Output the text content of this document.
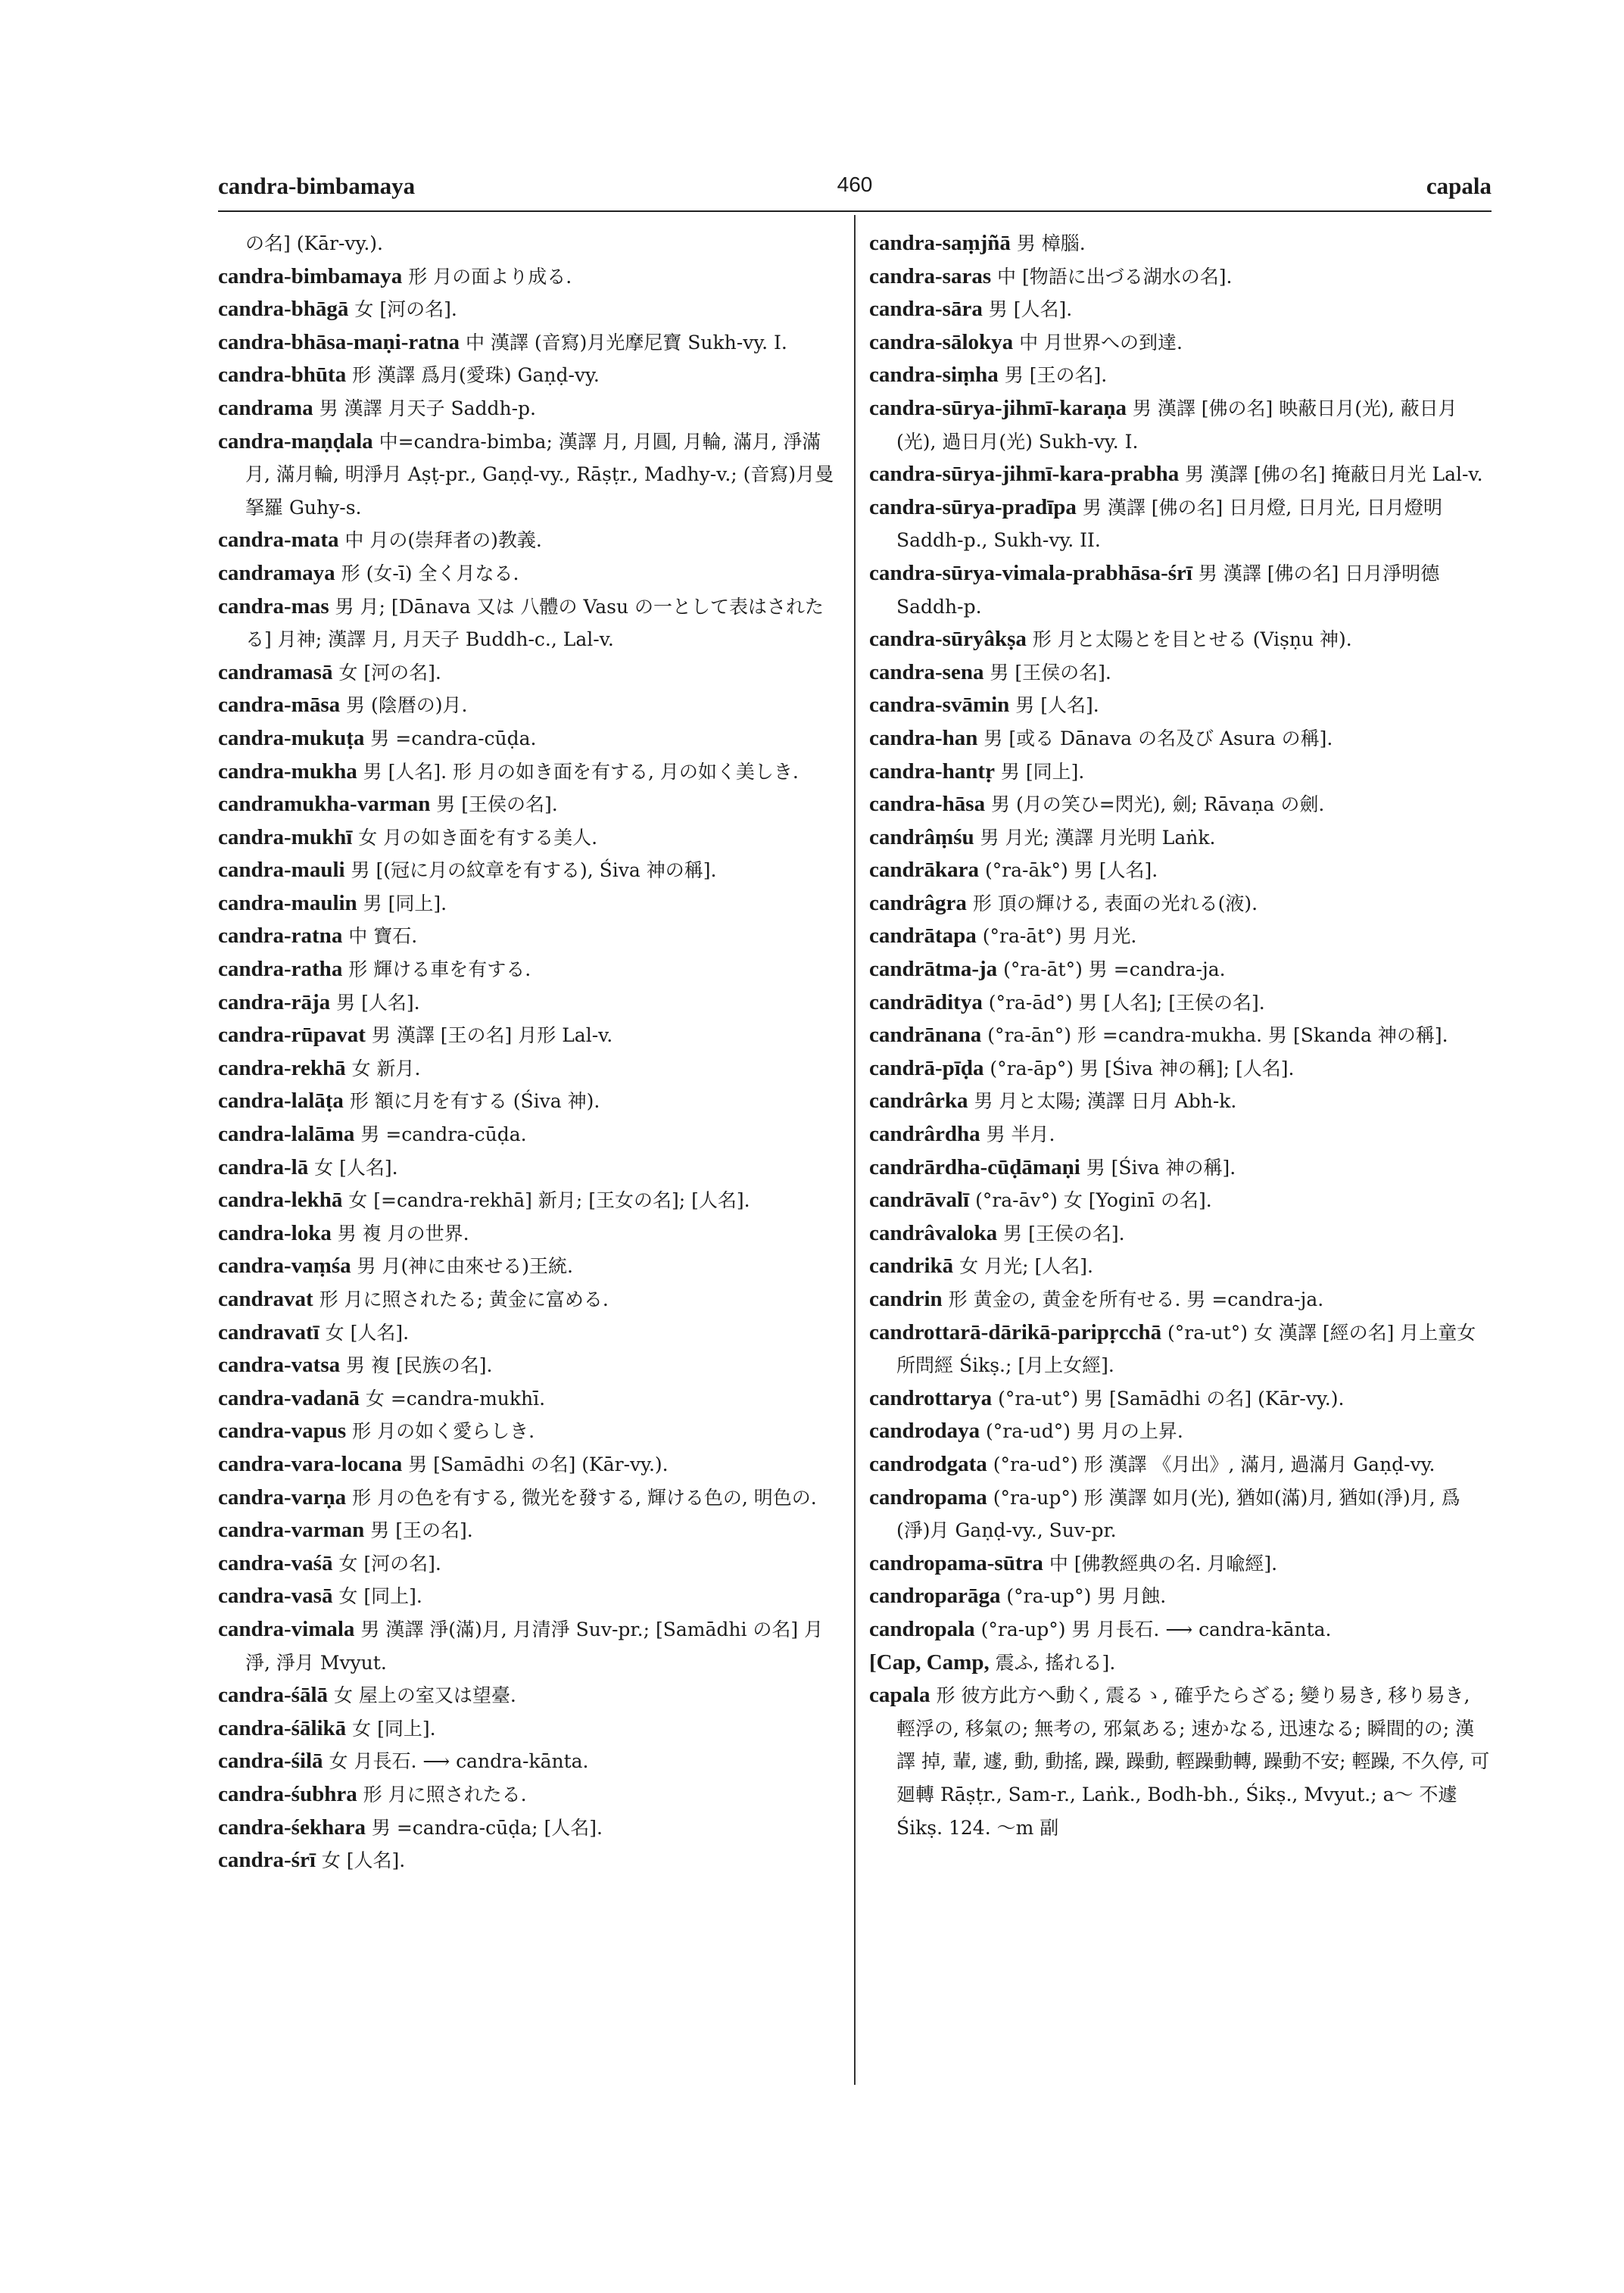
candra-bimbamaya	460	capala
の名] (Kār-vy.).
candra-bimbamaya 形 月の面より成る.
candra-bhāgā 女 [河の名].
candra-bhāsa-maṇi-ratna 中 漢譯 (音寫)月光摩尼寶 Sukh-vy. I.
candra-bhūta 形 漢譯 爲月(愛珠) Gaṇḍ-vy.
candrama 男 漢譯 月天子 Saddh-p.
candra-maṇḍala 中=candra-bimba; 漢譯 月, 月圓, 月輪, 滿月, 淨滿月, 滿月輪, 明淨月 Aṣṭ-pr., Gaṇḍ-vy., Rāṣṭr., Madhy-v.; (音寫)月曼拏羅 Guhy-s.
candra-mata 中 月の(崇拜者の)教義.
candramaya 形 (女-ī) 全く月なる.
candra-mas 男 月; [Dānava 又は 八體の Vasu の一として表はされたる] 月神; 漢譯 月, 月天子 Buddh-c., Lal-v.
candramasā 女 [河の名].
candra-māsa 男 (陰暦の)月.
candra-mukuṭa 男 =candra-cūḍa.
candra-mukha 男 [人名]. 形 月の如き面を有する, 月の如く美しき.
candramukha-varman 男 [王侯の名].
candra-mukhī 女 月の如き面を有する美人.
candra-mauli 男 [(冠に月の紋章を有する), Śiva 神の稱].
candra-maulin 男 [同上].
candra-ratna 中 寶石.
candra-ratha 形 輝ける車を有する.
candra-rāja 男 [人名].
candra-rūpavat 男 漢譯 [王の名] 月形 Lal-v.
candra-rekhā 女 新月.
candra-lalāṭa 形 額に月を有する (Śiva 神).
candra-lalāma 男 =candra-cūḍa.
candra-lā 女 [人名].
candra-lekhā 女 [=candra-rekhā] 新月; [王女の名]; [人名].
candra-loka 男 複 月の世界.
candra-vaṃśa 男 月(神に由來せる)王統.
candravat 形 月に照されたる; 黄金に富める.
candravatī 女 [人名].
candra-vatsa 男 複 [民族の名].
candra-vadanā 女 =candra-mukhī.
candra-vapus 形 月の如く愛らしき.
candra-vara-locana 男 [Samādhi の名] (Kār-vy.).
candra-varṇa 形 月の色を有する, 微光を發する, 輝ける色の, 明色の.
candra-varman 男 [王の名].
candra-vaśā 女 [河の名].
candra-vasā 女 [同上].
candra-vimala 男 漢譯 淨(滿)月, 月清淨 Suv-pr.; [Samādhi の名] 月淨, 淨月 Mvyut.
candra-śālā 女 屋上の室又は望臺.
candra-śālikā 女 [同上].
candra-śilā 女 月長石. ⟶ candra-kānta.
candra-śubhra 形 月に照されたる.
candra-śekhara 男 =candra-cūḍa; [人名].
candra-śrī 女 [人名].
candra-saṃjñā 男 樟腦.
candra-saras 中 [物語に出づる湖水の名].
candra-sāra 男 [人名].
candra-sālokya 中 月世界への到達.
candra-siṃha 男 [王の名].
candra-sūrya-jihmī-karaṇa 男 漢譯 [佛の名] 映蔽日月(光), 蔽日月(光), 過日月(光) Sukh-vy. I.
candra-sūrya-jihmī-kara-prabha 男 漢譯 [佛の名] 掩蔽日月光 Lal-v.
candra-sūrya-pradīpa 男 漢譯 [佛の名] 日月燈, 日月光, 日月燈明 Saddh-p., Sukh-vy. II.
candra-sūrya-vimala-prabhāsa-śrī 男 漢譯 [佛の名] 日月淨明德 Saddh-p.
candra-sūryâkṣa 形 月と太陽とを目とせる (Viṣṇu 神).
candra-sena 男 [王侯の名].
candra-svāmin 男 [人名].
candra-han 男 [或る Dānava の名及び Asura の稱].
candra-hantṛ 男 [同上].
candra-hāsa 男 (月の笑ひ=閃光), 劍; Rāvaṇa の劍.
candrâṃśu 男 月光; 漢譯 月光明 Laṅk.
candrākara (°ra-āk°) 男 [人名].
candrâgra 形 頂の輝ける, 表面の光れる(液).
candrātapa (°ra-āt°) 男 月光.
candrātma-ja (°ra-āt°) 男 =candra-ja.
candrāditya (°ra-ād°) 男 [人名]; [王侯の名].
candrānana (°ra-ān°) 形 =candra-mukha. 男 [Skanda 神の稱].
candrā-pīḍa (°ra-āp°) 男 [Śiva 神の稱]; [人名].
candrârka 男 月と太陽; 漢譯 日月 Abh-k.
candrârdha 男 半月.
candrārdha-cūḍāmaṇi 男 [Śiva 神の稱].
candrāvalī (°ra-āv°) 女 [Yoginī の名].
candrâvaloka 男 [王侯の名].
candrikā 女 月光; [人名].
candrin 形 黄金の, 黄金を所有せる. 男 =candra-ja.
candrottarā-dārikā-paripṛcchā (°ra-ut°) 女 漢譯 [經の名] 月上童女所問經 Śikṣ.; [月上女經].
candrottarya (°ra-ut°) 男 [Samādhi の名] (Kār-vy.).
candrodaya (°ra-ud°) 男 月の上昇.
candrodgata (°ra-ud°) 形 漢譯 《月出》, 滿月, 過滿月 Gaṇḍ-vy.
candropama (°ra-up°) 形 漢譯 如月(光), 猶如(滿)月, 猶如(淨)月, 爲(淨)月 Gaṇḍ-vy., Suv-pr.
candropama-sūtra 中 [佛教經典の名. 月喩經].
candroparāga (°ra-up°) 男 月蝕.
candropala (°ra-up°) 男 月長石. ⟶ candra-kānta.
[Cap, Camp, 震ふ, 搖れる].
capala 形 彼方此方へ動く, 震るゝ, 確乎たらざる; 變り易き, 移り易き, 輕浮の, 移氣の; 無考の, 邪氣ある; 速かなる, 迅速なる; 瞬間的の; 漢譯 掉, 輩, 遽, 動, 動搖, 躁, 躁動, 輕躁動轉, 躁動不安; 輕躁, 不久停, 可廻轉 Rāṣṭr., Sam-r., Laṅk., Bodh-bh., Śikṣ., Mvyut.; a〜 不遽 Śikṣ. 124. 〜m 副
